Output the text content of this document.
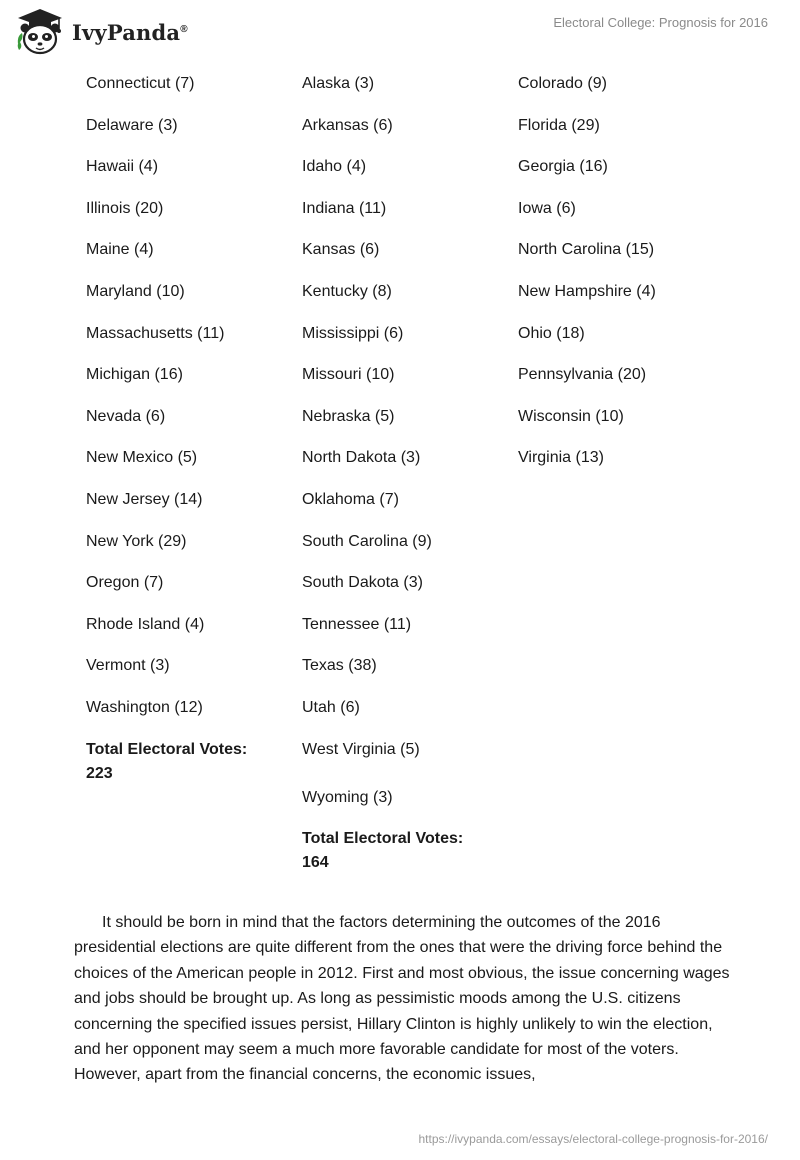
IvyPanda®	Electoral College: Prognosis for 2016
Connecticut (7)
Delaware (3)
Hawaii (4)
Illinois (20)
Maine (4)
Maryland (10)
Massachusetts (11)
Michigan (16)
Nevada (6)
New Mexico (5)
New Jersey (14)
New York (29)
Oregon (7)
Rhode Island (4)
Vermont (3)
Washington (12)
Total Electoral Votes: 223
Alaska (3)
Arkansas (6)
Idaho (4)
Indiana (11)
Kansas (6)
Kentucky (8)
Mississippi (6)
Missouri (10)
Nebraska (5)
North Dakota (3)
Oklahoma (7)
South Carolina (9)
South Dakota (3)
Tennessee (11)
Texas (38)
Utah (6)
West Virginia (5)
Wyoming (3)
Total Electoral Votes: 164
Colorado (9)
Florida (29)
Georgia (16)
Iowa (6)
North Carolina (15)
New Hampshire (4)
Ohio (18)
Pennsylvania (20)
Wisconsin (10)
Virginia (13)

It should be born in mind that the factors determining the outcomes of the 2016 presidential elections are quite different from the ones that were the driving force behind the choices of the American people in 2012. First and most obvious, the issue concerning wages and jobs should be brought up. As long as pessimistic moods among the U.S. citizens concerning the specified issues persist, Hillary Clinton is highly unlikely to win the election, and her opponent may seem a much more favorable candidate for most of the voters. However, apart from the financial concerns, the economic issues,

https://ivypanda.com/essays/electoral-college-prognosis-for-2016/
